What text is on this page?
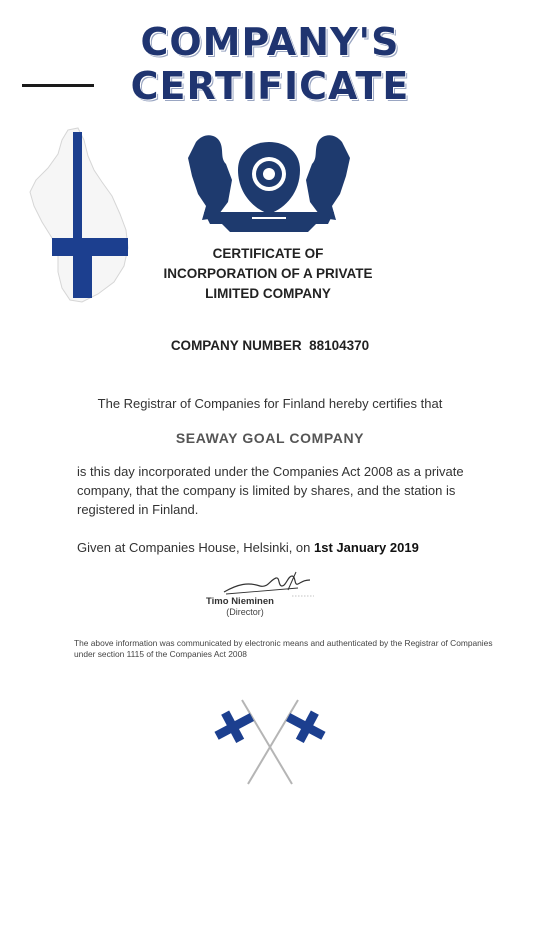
COMPANY'S CERTIFICATE
CERTIFICATE OF
INCORPORATION OF A PRIVATE
LIMITED COMPANY
COMPANY NUMBER 88104370
The Registrar of Companies for Finland hereby certifies that
SEAWAY GOAL COMPANY
is this day incorporated under the Companies Act 2008 as a private company, that the company is limited by shares, and the station is registered in Finland.
Given at Companies House, Helsinki, on 1st January 2019
Timo Nieminen
(Director)
The above information was communicated by electronic means and authenticated by the Registrar of Companies under section 1115 of the Companies Act 2008
